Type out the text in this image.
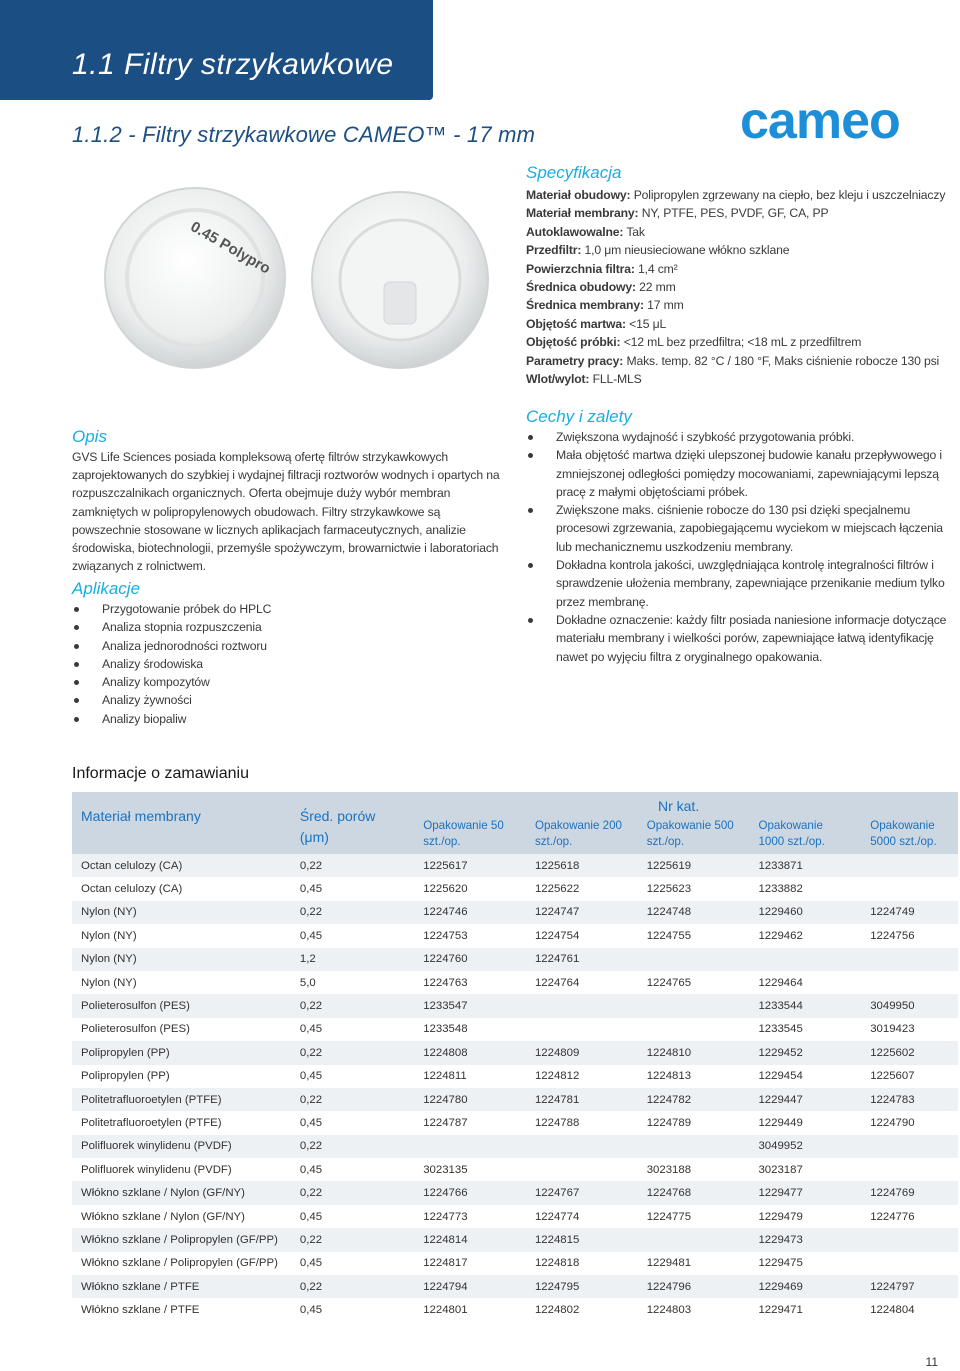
1.1 Filtry strzykawkowe
1.1.2 - Filtry strzykawkowe CAMEO™ - 17 mm	cameo
0.45 Polypro
Specyfikacja
Materiał obudowy: Polipropylen zgrzewany na ciepło, bez kleju i uszczelniaczy
Materiał membrany: NY, PTFE, PES, PVDF, GF, CA, PP
Autoklawowalne: Tak
Przedfiltr: 1,0 μm nieusieciowane włókno szklane
Powierzchnia filtra: 1,4 cm²
Średnica obudowy: 22 mm
Średnica membrany: 17 mm
Objętość martwa: <15 μL
Objętość próbki: <12 mL bez przedfiltra; <18 mL z przedfiltrem
Parametry pracy: Maks. temp. 82 °C / 180 °F, Maks ciśnienie robocze 130 psi
Wlot/wylot: FLL-MLS
Opis
GVS Life Sciences posiada kompleksową ofertę filtrów strzykawkowych zaprojektowanych do szybkiej i wydajnej filtracji roztworów wodnych i opartych na rozpuszczalnikach organicznych. Oferta obejmuje duży wybór membran zamkniętych w polipropylenowych obudowach. Filtry strzykawkowe są powszechnie stosowane w licznych aplikacjach farmaceutycznych, analizie środowiska, biotechnologii, przemyśle spożywczym, browarnictwie i laboratoriach związanych z rolnictwem.
Aplikacje
Przygotowanie próbek do HPLC
Analiza stopnia rozpuszczenia
Analiza jednorodności roztworu
Analizy środowiska
Analizy kompozytów
Analizy żywności
Analizy biopaliw
Cechy i zalety
Zwiększona wydajność i szybkość przygotowania próbki.
Mała objętość martwa dzięki ulepszonej budowie kanału przepływowego i zmniejszonej odległości pomiędzy mocowaniami, zapewniającymi lepszą pracę z małymi objętościami próbek.
Zwiększone maks. ciśnienie robocze do 130 psi dzięki specjalnemu procesowi zgrzewania, zapobiegającemu wyciekom w miejscach łączenia lub mechanicznemu uszkodzeniu membrany.
Dokładna kontrola jakości, uwzględniająca kontrolę integralności filtrów i sprawdzenie ułożenia membrany, zapewniające przenikanie medium tylko przez membranę.
Dokładne oznaczenie: każdy filtr posiada naniesione informacje dotyczące materiału membrany i wielkości porów, zapewniające łatwą identyfikację nawet po wyjęciu filtra z oryginalnego opakowania.
Informacje o zamawianiu
Materiał membrany	Śred. porów (μm)	Nr kat.				
		Opakowanie 50 szt./op.	Opakowanie 200 szt./op.	Opakowanie 500 szt./op.	Opakowanie 1000 szt./op.	Opakowanie 5000 szt./op.
Octan celulozy (CA)	0,22	1225617	1225618	1225619	1233871	
Octan celulozy (CA)	0,45	1225620	1225622	1225623	1233882	
Nylon (NY)	0,22	1224746	1224747	1224748	1229460	1224749
Nylon (NY)	0,45	1224753	1224754	1224755	1229462	1224756
Nylon (NY)	1,2	1224760	1224761			
Nylon (NY)	5,0	1224763	1224764	1224765	1229464	
Polieterosulfon (PES)	0,22	1233547			1233544	3049950
Polieterosulfon (PES)	0,45	1233548			1233545	3019423
Polipropylen (PP)	0,22	1224808	1224809	1224810	1229452	1225602
Polipropylen (PP)	0,45	1224811	1224812	1224813	1229454	1225607
Politetrafluoroetylen (PTFE)	0,22	1224780	1224781	1224782	1229447	1224783
Politetrafluoroetylen (PTFE)	0,45	1224787	1224788	1224789	1229449	1224790
Polifluorek winylidenu (PVDF)	0,22				3049952	
Polifluorek winylidenu (PVDF)	0,45	3023135		3023188	3023187	
Włókno szklane / Nylon (GF/NY)	0,22	1224766	1224767	1224768	1229477	1224769
Włókno szklane / Nylon (GF/NY)	0,45	1224773	1224774	1224775	1229479	1224776
Włókno szklane / Polipropylen (GF/PP)	0,22	1224814	1224815		1229473	
Włókno szklane / Polipropylen (GF/PP)	0,45	1224817	1224818	1229481	1229475	
Włókno szklane / PTFE	0,22	1224794	1224795	1224796	1229469	1224797
Włókno szklane / PTFE	0,45	1224801	1224802	1224803	1229471	1224804
11
